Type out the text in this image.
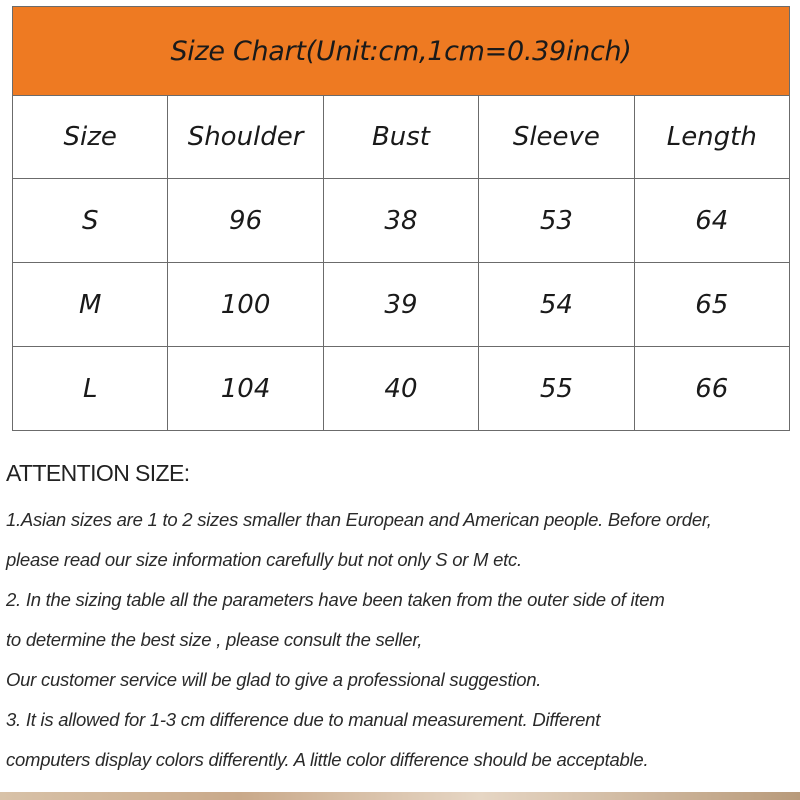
Size Chart(Unit:cm,1cm=0.39inch)				
Size	Shoulder	Bust	Sleeve	Length
S	96	38	53	64
M	100	39	54	65
L	104	40	55	66
ATTENTION SIZE:
1.Asian sizes are 1 to 2 sizes smaller than European and American people. Before order,
please read our size information carefully but not only S or M etc.
2. In the sizing table all the parameters have been taken from the outer side of item
to determine the best size , please consult the seller,
Our customer service will be glad to give a professional suggestion.
3. It is allowed for 1-3 cm difference due to manual measurement. Different
computers display colors differently. A little color difference should be acceptable.
